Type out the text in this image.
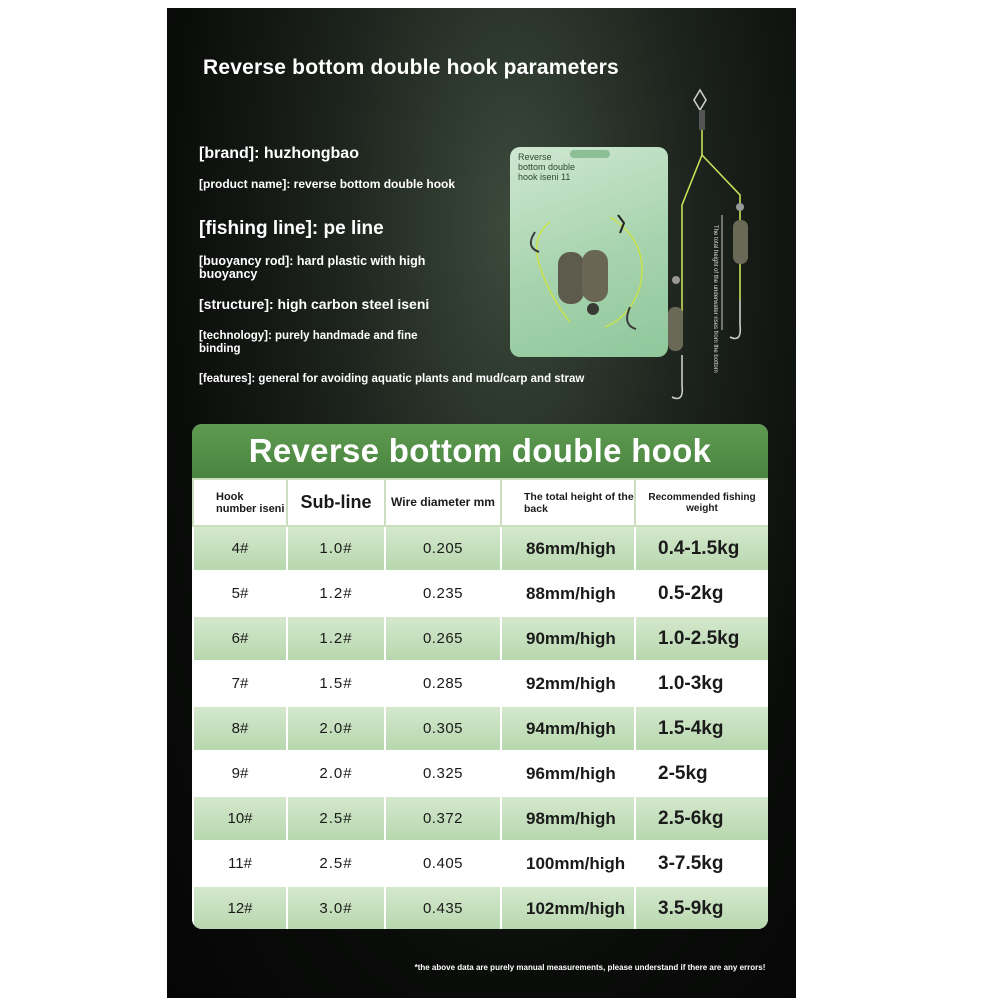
Reverse bottom double hook parameters
[brand]: huzhongbao
[product name]: reverse bottom double hook
[fishing line]: pe line
[buoyancy rod]: hard plastic with high buoyancy
[structure]: high carbon steel iseni
[technology]: purely handmade and fine binding
[features]: general for avoiding aquatic plants and mud/carp and straw
Reverse bottom double hook iseni 11
The total height of the underwater rises from the bottom
Reverse bottom double hook
Hook number iseni	Sub-line	Wire diameter mm	The total height of the back	Recommended fishing weight
4#	1.0#	0.205	86mm/high	0.4-1.5kg
5#	1.2#	0.235	88mm/high	0.5-2kg
6#	1.2#	0.265	90mm/high	1.0-2.5kg
7#	1.5#	0.285	92mm/high	1.0-3kg
8#	2.0#	0.305	94mm/high	1.5-4kg
9#	2.0#	0.325	96mm/high	2-5kg
10#	2.5#	0.372	98mm/high	2.5-6kg
11#	2.5#	0.405	100mm/high	3-7.5kg
12#	3.0#	0.435	102mm/high	3.5-9kg
*the above data are purely manual measurements, please understand if there are any errors!
